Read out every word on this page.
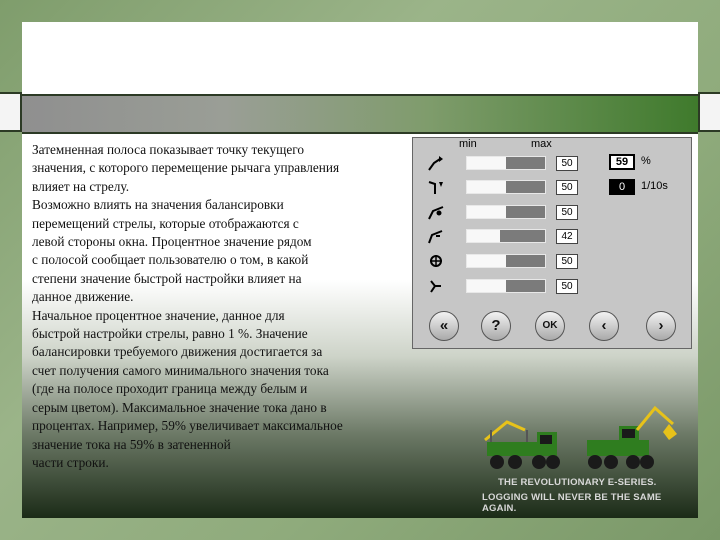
Затемненная полоса показывает точку текущего
значения, с которого перемещение рычага управления
влияет на стрелу.
Возможно влиять на значения балансировки
перемещений стрелы, которые отображаются с
левой стороны окна. Процентное значение рядом
с полосой сообщает пользователю о том, в какой
степени значение быстрой настройки влияет на
данное движение.
Начальное процентное значение, данное для
быстрой настройки стрелы, равно 1 %. Значение
балансировки требуемого движения достигается за
счет получения самого минимального значения тока
(где на полосе проходит граница между белым и
серым цветом). Максимальное значение тока дано в
процентах. Например, 59% увеличивает максимальное
значение тока на 59% в затененной
части строки.
min	max
50
50
50
42
50
50
59	%
0	1/10s
«	?	OK	‹	›
THE REVOLUTIONARY E-SERIES.
LOGGING WILL NEVER BE THE SAME AGAIN.
